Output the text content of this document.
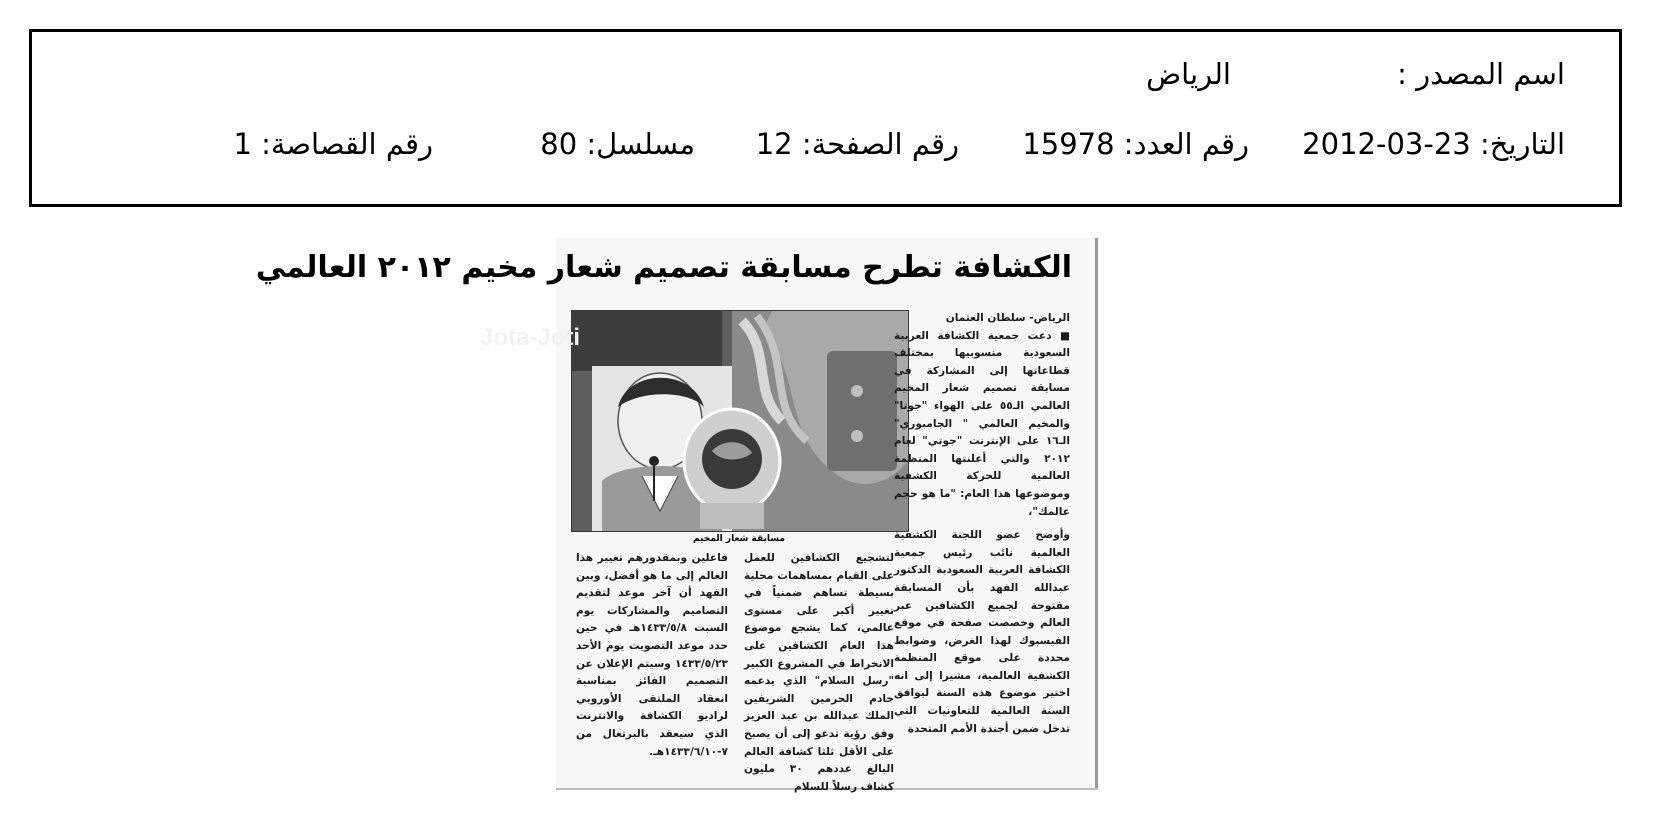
اسم المصدر :
الرياض
التاريخ: 23-03-2012
رقم العدد: 15978
رقم الصفحة: 12
مسلسل: 80
رقم القصاصة: 1
الكشافة تطرح مسابقة تصميم شعار مخيم ٢٠١٢ العالمي
Jota-Joti
مسابقة شعار المخيم

الرياض- سلطان العثمان

■ دعت جمعية الكشافة العربية السعودية منسوبيها بمختلف قطاعاتها إلى المشاركة في مسابقة تصميم شعار المخيم العالمي الـ٥٥ على الهواء "جوتا" والمخيم العالمي " الجامبوري" الـ١٦ على الإنترنت "جوتي" لعام ٢٠١٢ والتي أعلنتها المنظمة العالمية للحركة الكشفية وموضوعها هذا العام: "ما هو حجم عالمك"،

وأوضح عضو اللجنة الكشفية العالمية نائب رئيس جمعية الكشافة العربية السعودية الدكتور عبدالله الفهد بأن المسابقة مفتوحة لجميع الكشافين عبر العالم وخصصت صفحة في موقع الفيسبوك لهذا الغرض، وضوابط محددة على موقع المنظمة الكشفية العالمية، مشيرا إلى انه اختير موضوع هذه السنة ليوافق السنة العالمية للتعاونيات التي تدخل ضمن أجندة الأمم المتحدة

لتشجيع الكشافين للعمل على القيام بمساهمات محلية بسيطة تساهم ضمنياً في تغيير أكبر على مستوى عالمي، كما يشجع موضوع هذا العام الكشافين على الانخراط في المشروع الكبير "رسل السلام" الذي يدعمه خادم الحرمين الشريفين الملك عبدالله بن عبد العزيز وفق رؤية تدعو إلى أن يصبح على الأقل ثلثا كشافة العالم البالغ عددهم ٣٠ مليون كشاف رسلاً للسلام

فاعلين وبمقدورهم تغيير هذا العالم إلى ما هو أفضل، وبين الفهد أن آخر موعد لتقديم التصاميم والمشاركات يوم السبت ١٤٣٣/٥/٨هـ في حين حدد موعد التصويت يوم الأحد ١٤٣٣/٥/٢٣ وسيتم الإعلان عن التصميم الفائز بمناسبة انعقاد الملتقى الأوروبي لراديو الكشافة والانترنت الذي سيعقد بالبرتغال من ٧-١٤٣٣/٦/١٠هـ.
